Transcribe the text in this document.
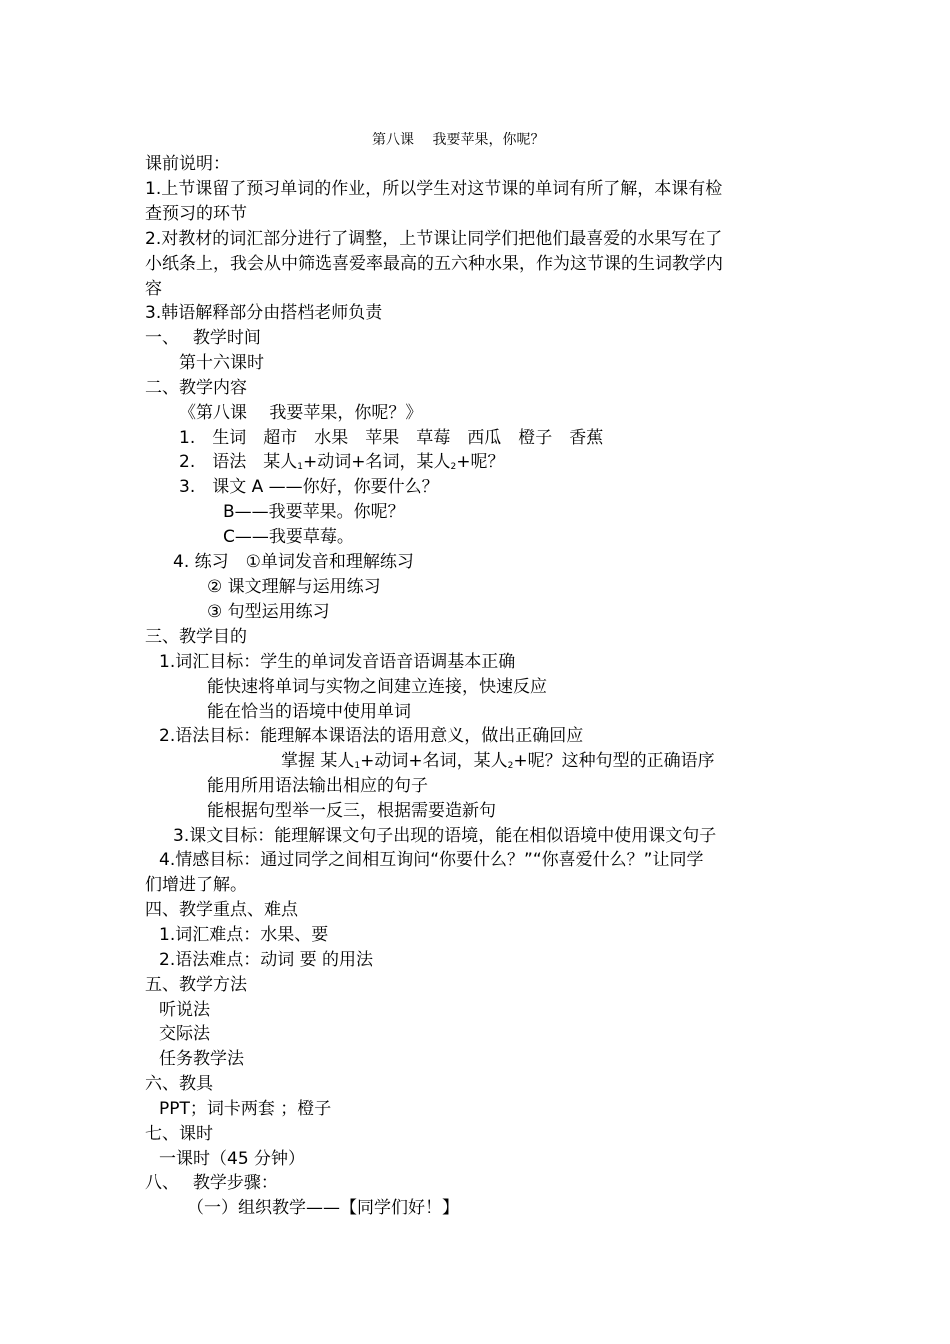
第八课　 我要苹果，你呢？
课前说明：
1.上节课留了预习单词的作业，所以学生对这节课的单词有所了解，本课有检
查预习的环节
2.对教材的词汇部分进行了调整，上节课让同学们把他们最喜爱的水果写在了
小纸条上，我会从中筛选喜爱率最高的五六种水果，作为这节课的生词教学内
容
3.韩语解释部分由搭档老师负责
一、　 教学时间
第十六课时
二、教学内容
《第八课　 我要苹果，你呢？》
1.　生词　超市　水果　苹果　草莓　西瓜　橙子　香蕉
2.　语法　某人$_1$+动词+名词，某人$_2$+呢？
3.　课文 A ——你好，你要什么？
B——我要苹果。你呢？
C——我要草莓。
4. 练习　①单词发音和理解练习
② 课文理解与运用练习
③ 句型运用练习
三、教学目的
1.词汇目标：学生的单词发音语音语调基本正确
能快速将单词与实物之间建立连接，快速反应
能在恰当的语境中使用单词
2.语法目标：能理解本课语法的语用意义，做出正确回应
掌握 某人$_1$+动词+名词，某人$_2$+呢？这种句型的正确语序
能用所用语法输出相应的句子
能根据句型举一反三，根据需要造新句
3.课文目标：能理解课文句子出现的语境，能在相似语境中使用课文句子
4.情感目标：通过同学之间相互询问“你要什么？”“你喜爱什么？”让同学
们增进了解。
四、教学重点、难点
1.词汇难点：水果、要
2.语法难点：动词 要 的用法
五、教学方法
听说法
交际法
任务教学法
六、教具
PPT；词卡两套 ；橙子
七、课时
一课时（45 分钟）
八、　 教学步骤：
（一）组织教学——【同学们好！】
